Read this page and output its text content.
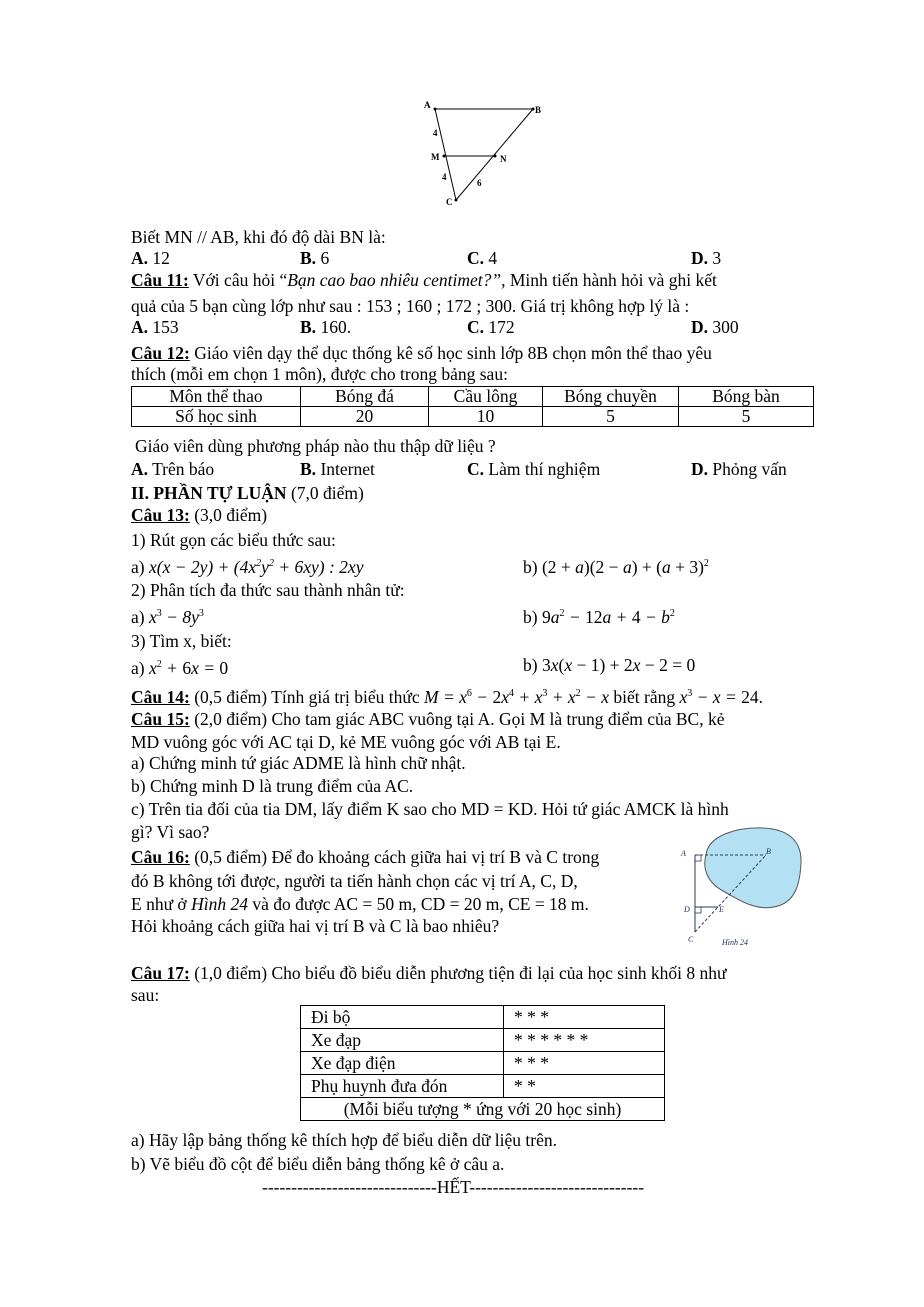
A	B
M	N
C
4
4
6
Biết MN // AB, khi đó độ dài BN là:
A. 12	B. 6	C. 4	D. 3
Câu 11: Với câu hỏi “Bạn cao bao nhiêu centimet?”, Minh tiến hành hỏi và ghi kết
quả của 5 bạn cùng lớp như sau : 153 ; 160 ; 172 ; 300. Giá trị không hợp lý là :
A. 153	B. 160.	C. 172	D. 300
Câu 12: Giáo viên dạy thể dục thống kê số học sinh lớp 8B chọn môn thể thao yêu
thích (mỗi em chọn 1 môn), được cho trong bảng sau:
Môn thể thao	Bóng đá	Cầu lông	Bóng chuyền	Bóng bàn
Số học sinh	20	10	5	5
Giáo viên dùng phương pháp nào thu thập dữ liệu ?
A. Trên báo	B. Internet	C. Làm thí nghiệm	D. Phỏng vấn
II. PHẦN TỰ LUẬN (7,0 điểm)
Câu 13: (3,0 điểm)
1) Rút gọn các biểu thức sau:
a) $x(x - 2y) + (4x^2y^2 + 6xy)$ : 2xy	b) $(2 + a)(2 - a) + (a + 3)^2$
2) Phân tích đa thức sau thành nhân tử:
a) $x^3 - 8y^3$	b) $9a^2 - 12a + 4 - b^2$
3) Tìm x, biết:
a) $x^2 + 6x = 0$	b) 3x(x − 1) + 2x − 2 = 0
Câu 14: (0,5 điểm) Tính giá trị biểu thức $M = x^6 - 2x^4 + x^3 + x^2 - x$ biết rằng $x^3 - x = 24$.
Câu 15: (2,0 điểm) Cho tam giác ABC vuông tại A. Gọi M là trung điểm của BC, kẻ
MD vuông góc với AC tại D, kẻ ME vuông góc với AB tại E.
a) Chứng minh tứ giác ADME là hình chữ nhật.
b) Chứng minh D là trung điểm của AC.
c) Trên tia đối của tia DM, lấy điểm K sao cho MD = KD. Hỏi tứ giác AMCK là hình
gì? Vì sao?
Câu 16: (0,5 điểm) Để đo khoảng cách giữa hai vị trí B và C trong
đó B không tới được, người ta tiến hành chọn các vị trí A, C, D,
E như ở Hình 24 và đo được AC = 50 m, CD = 20 m, CE = 18 m.
Hỏi khoảng cách giữa hai vị trí B và C là bao nhiêu?
A	B
D	E
C	Hình 24
Câu 17: (1,0 điểm) Cho biểu đồ biểu diễn phương tiện đi lại của học sinh khối 8 như
sau:
Đi bộ	* * *
Xe đạp	* * * * * *
Xe đạp điện	* * *
Phụ huynh đưa đón	* *
(Mỗi biểu tượng * ứng với 20 học sinh)	
a) Hãy lập bảng thống kê thích hợp để biểu diễn dữ liệu trên.
b) Vẽ biểu đồ cột để biểu diễn bảng thống kê ở câu a.
------------------------------HẾT------------------------------
